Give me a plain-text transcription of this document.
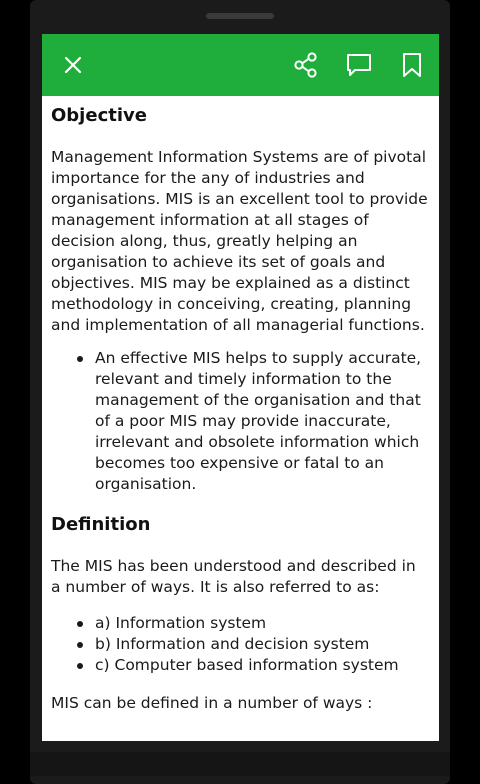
Objective

Management Information Systems are of pivotal importance for the any of industries and organisations. MIS is an excellent tool to provide management information at all stages of decision along, thus, greatly helping an organisation to achieve its set of goals and objectives. MIS may be explained as a distinct methodology in conceiving, creating, planning and implementation of all managerial functions.

An effective MIS helps to supply accurate, relevant and timely information to the management of the organisation and that of a poor MIS may provide inaccurate, irrelevant and obsolete information which becomes too expensive or fatal to an organisation.
Definition

The MIS has been understood and described in a number of ways. It is also referred to as:

a) Information system
b) Information and decision system
c) Computer based information system

MIS can be defined in a number of ways :
